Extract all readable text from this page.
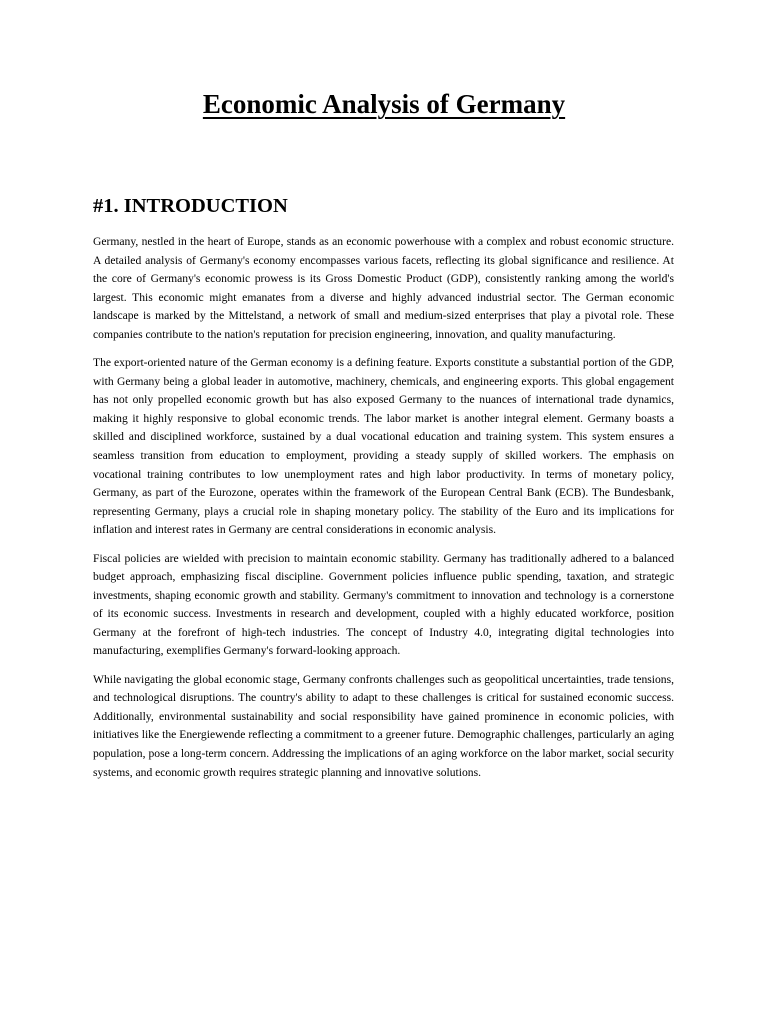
Economic Analysis of Germany
#1. INTRODUCTION

Germany, nestled in the heart of Europe, stands as an economic powerhouse with a complex and robust economic structure. A detailed analysis of Germany's economy encompasses various facets, reflecting its global significance and resilience. At the core of Germany's economic prowess is its Gross Domestic Product (GDP), consistently ranking among the world's largest. This economic might emanates from a diverse and highly advanced industrial sector. The German economic landscape is marked by the Mittelstand, a network of small and medium-sized enterprises that play a pivotal role. These companies contribute to the nation's reputation for precision engineering, innovation, and quality manufacturing.

The export-oriented nature of the German economy is a defining feature. Exports constitute a substantial portion of the GDP, with Germany being a global leader in automotive, machinery, chemicals, and engineering exports. This global engagement has not only propelled economic growth but has also exposed Germany to the nuances of international trade dynamics, making it highly responsive to global economic trends. The labor market is another integral element. Germany boasts a skilled and disciplined workforce, sustained by a dual vocational education and training system. This system ensures a seamless transition from education to employment, providing a steady supply of skilled workers. The emphasis on vocational training contributes to low unemployment rates and high labor productivity. In terms of monetary policy, Germany, as part of the Eurozone, operates within the framework of the European Central Bank (ECB). The Bundesbank, representing Germany, plays a crucial role in shaping monetary policy. The stability of the Euro and its implications for inflation and interest rates in Germany are central considerations in economic analysis.

Fiscal policies are wielded with precision to maintain economic stability. Germany has traditionally adhered to a balanced budget approach, emphasizing fiscal discipline. Government policies influence public spending, taxation, and strategic investments, shaping economic growth and stability. Germany's commitment to innovation and technology is a cornerstone of its economic success. Investments in research and development, coupled with a highly educated workforce, position Germany at the forefront of high-tech industries. The concept of Industry 4.0, integrating digital technologies into manufacturing, exemplifies Germany's forward-looking approach.

While navigating the global economic stage, Germany confronts challenges such as geopolitical uncertainties, trade tensions, and technological disruptions. The country's ability to adapt to these challenges is critical for sustained economic success. Additionally, environmental sustainability and social responsibility have gained prominence in economic policies, with initiatives like the Energiewende reflecting a commitment to a greener future. Demographic challenges, particularly an aging population, pose a long-term concern. Addressing the implications of an aging workforce on the labor market, social security systems, and economic growth requires strategic planning and innovative solutions.
